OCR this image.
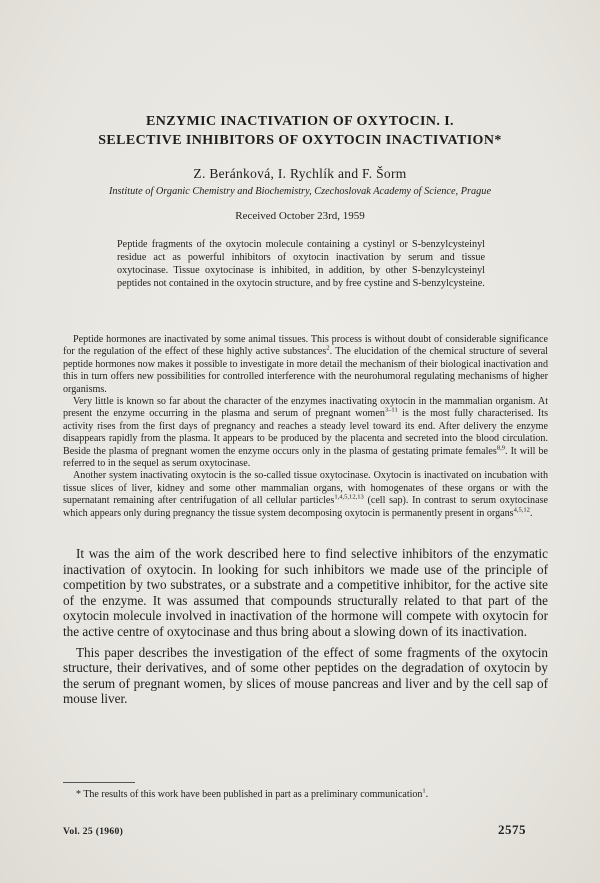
ENZYMIC INACTIVATION OF OXYTOCIN. I.
SELECTIVE INHIBITORS OF OXYTOCIN INACTIVATION*
Z. Beránková, I. Rychlík and F. Šorm
Institute of Organic Chemistry and Biochemistry, Czechoslovak Academy of Science, Prague
Received October 23rd, 1959

Peptide fragments of the oxytocin molecule containing a cystinyl or S-benzylcysteinyl residue act as powerful inhibitors of oxytocin inactivation by serum and tissue oxytocinase. Tissue oxytocinase is inhibited, in addition, by other S-benzylcysteinyl peptides not contained in the oxytocin structure, and by free cystine and S-benzylcysteine.

Peptide hormones are inactivated by some animal tissues. This process is without doubt of considerable significance for the regulation of the effect of these highly active substances$^2$. The elucidation of the chemical structure of several peptide hormones now makes it possible to investigate in more detail the mechanism of their biological inactivation and this in turn offers new possibilities for controlled interference with the neurohumoral regulating mechanisms of higher organisms.

Very little is known so far about the character of the enzymes inactivating oxytocin in the mammalian organism. At present the enzyme occurring in the plasma and serum of pregnant women$^{3-11}$ is the most fully characterised. Its activity rises from the first days of pregnancy and reaches a steady level toward its end. After delivery the enzyme disappears rapidly from the plasma. It appears to be produced by the placenta and secreted into the blood circulation. Beside the plasma of pregnant women the enzyme occurs only in the plasma of gestating primate females$^{8,9}$. It will be referred to in the sequel as serum oxytocinase.

Another system inactivating oxytocin is the so-called tissue oxytocinase. Oxytocin is inactivated on incubation with tissue slices of liver, kidney and some other mammalian organs, with homogenates of these organs or with the supernatant remaining after centrifugation of all cellular particles$^{1,4,5,12,13}$ (cell sap). In contrast to serum oxytocinase which appears only during pregnancy the tissue system decomposing oxytocin is permanently present in organs$^{4,5,12}$.

It was the aim of the work described here to find selective inhibitors of the enzymatic inactivation of oxytocin. In looking for such inhibitors we made use of the principle of competition by two substrates, or a substrate and a competitive inhibitor, for the active site of the enzyme. It was assumed that compounds structurally related to that part of the oxytocin molecule involved in inactivation of the hormone will compete with oxytocin for the active centre of oxytocinase and thus bring about a slowing down of its inactivation.

This paper describes the investigation of the effect of some fragments of the oxytocin structure, their derivatives, and of some other peptides on the degradation of oxytocin by the serum of pregnant women, by slices of mouse pancreas and liver and by the cell sap of mouse liver.

* The results of this work have been published in part as a preliminary communication$^1$.
Vol. 25 (1960)	2575
